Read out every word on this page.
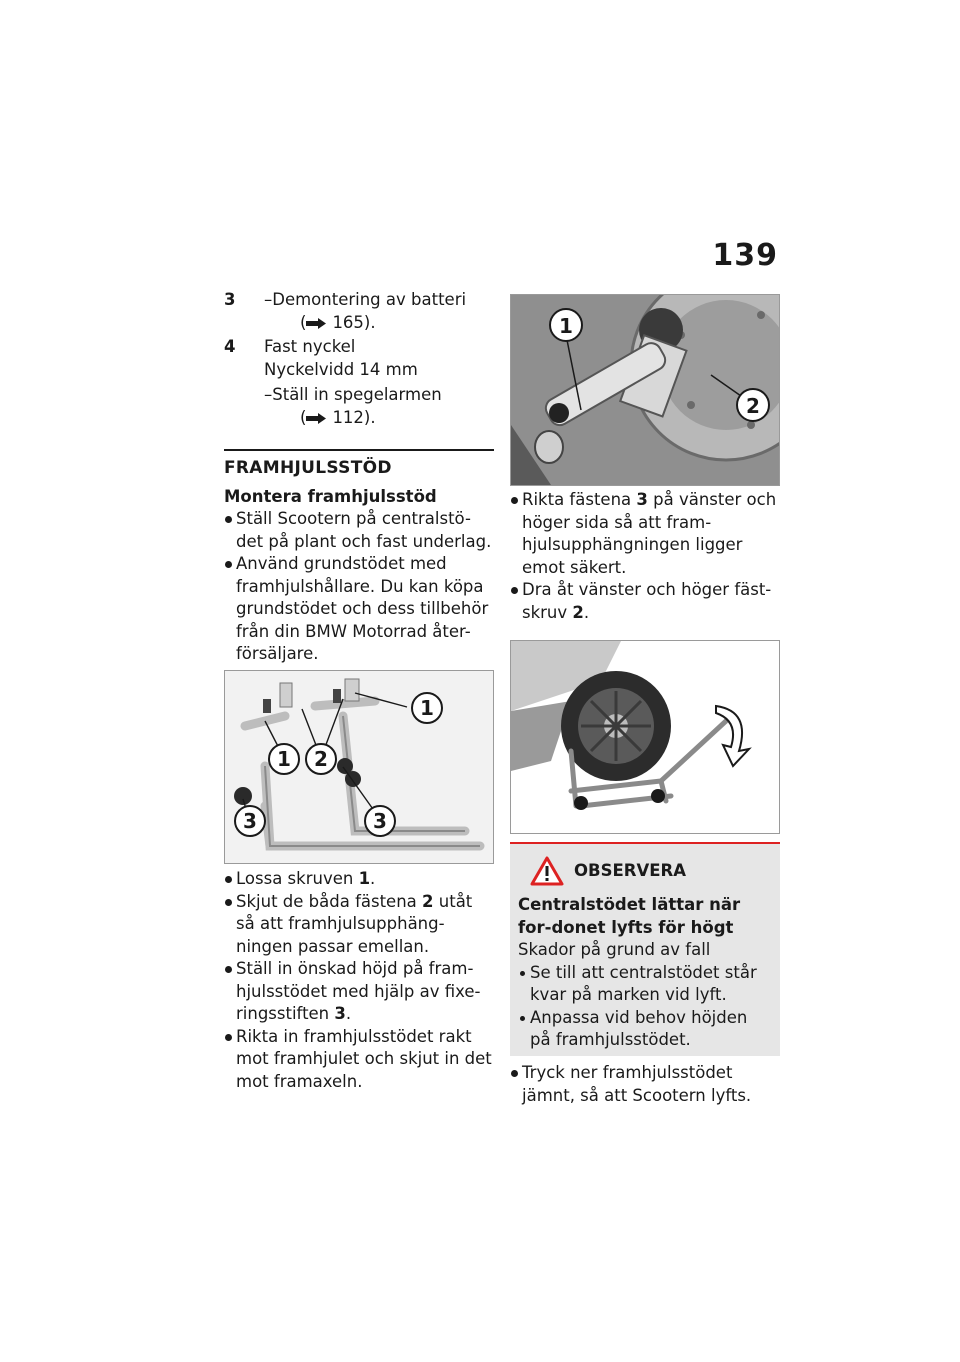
139
3 –Demontering av batteri
( 165).
4 Fast nyckel
Nyckelvidd 14 mm
–Ställ in spegelarmen
( 112).
FRAMHJULSSTÖD
Montera framhjulsstöd
Ställ Scootern på centralstö-det på plant och fast underlag.
Använd grundstödet med framhjulshållare. Du kan köpa grundstödet och dess tillbehör från din BMW Motorrad åter-försäljare.
1 2
1
3
3
Lossa skruven 1.
Skjut de båda fästena 2 utåt så att framhjulsupphäng-ningen passar emellan.
Ställ in önskad höjd på fram-hjulsstödet med hjälp av fixe-ringsstiften 3.
Rikta in framhjulsstödet rakt mot framhjulet och skjut in det mot framaxeln.
1
2
Rikta fästena 3 på vänster och höger sida så att fram-hjulsupphängningen ligger emot säkert.
Dra åt vänster och höger fäst-skruv 2.
OBSERVERA
Centralstödet lättar när for-donet lyfts för högt
Skador på grund av fall
Se till att centralstödet står kvar på marken vid lyft.
Anpassa vid behov höjden på framhjulsstödet.
Tryck ner framhjulsstödet jämnt, så att Scootern lyfts.
